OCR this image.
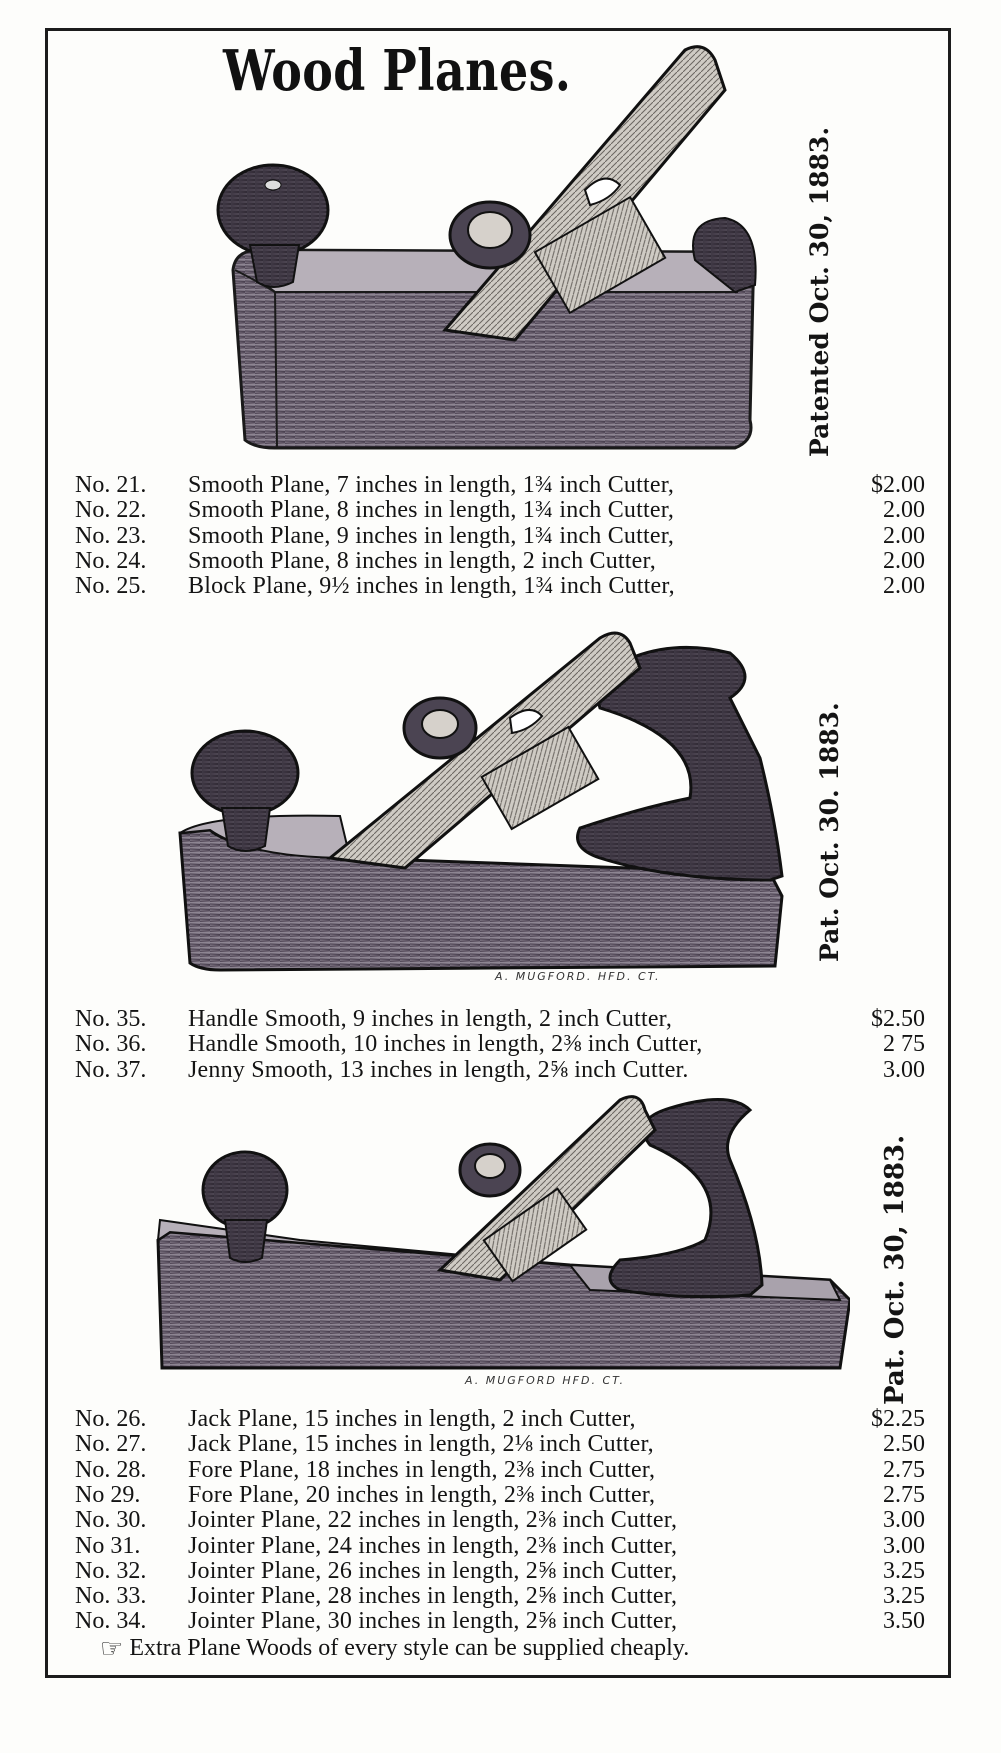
Wood Planes.
Patented Oct. 30, 1883.
No. 21.	Smooth Plane, 7 inches in length, 1¾ inch Cutter,	$2.00
No. 22.	Smooth Plane, 8 inches in length, 1¾ inch Cutter,	2.00
No. 23.	Smooth Plane, 9 inches in length, 1¾ inch Cutter,	2.00
No. 24.	Smooth Plane, 8 inches in length, 2 inch Cutter,	2.00
No. 25.	Block Plane, 9½ inches in length, 1¾ inch Cutter,	2.00
A. MUGFORD. HFD. CT.
Pat. Oct. 30. 1883.
No. 35.	Handle Smooth, 9 inches in length, 2 inch Cutter,	$2.50
No. 36.	Handle Smooth, 10 inches in length, 2⅜ inch Cutter,	2 75
No. 37.	Jenny Smooth, 13 inches in length, 2⅝ inch Cutter.	3.00
A. MUGFORD HFD. CT.	Pat. Oct. 30, 1883.
No. 26.	Jack Plane, 15 inches in length, 2 inch Cutter,	$2.25
No. 27.	Jack Plane, 15 inches in length, 2⅛ inch Cutter,	2.50
No. 28.	Fore Plane, 18 inches in length, 2⅜ inch Cutter,	2.75
No 29.	Fore Plane, 20 inches in length, 2⅜ inch Cutter,	2.75
No. 30.	Jointer Plane, 22 inches in length, 2⅜ inch Cutter,	3.00
No 31.	Jointer Plane, 24 inches in length, 2⅜ inch Cutter,	3.00
No. 32.	Jointer Plane, 26 inches in length, 2⅝ inch Cutter,	3.25
No. 33.	Jointer Plane, 28 inches in length, 2⅝ inch Cutter,	3.25
No. 34.	Jointer Plane, 30 inches in length, 2⅝ inch Cutter,	3.50
☞ Extra Plane Woods of every style can be supplied cheaply.
